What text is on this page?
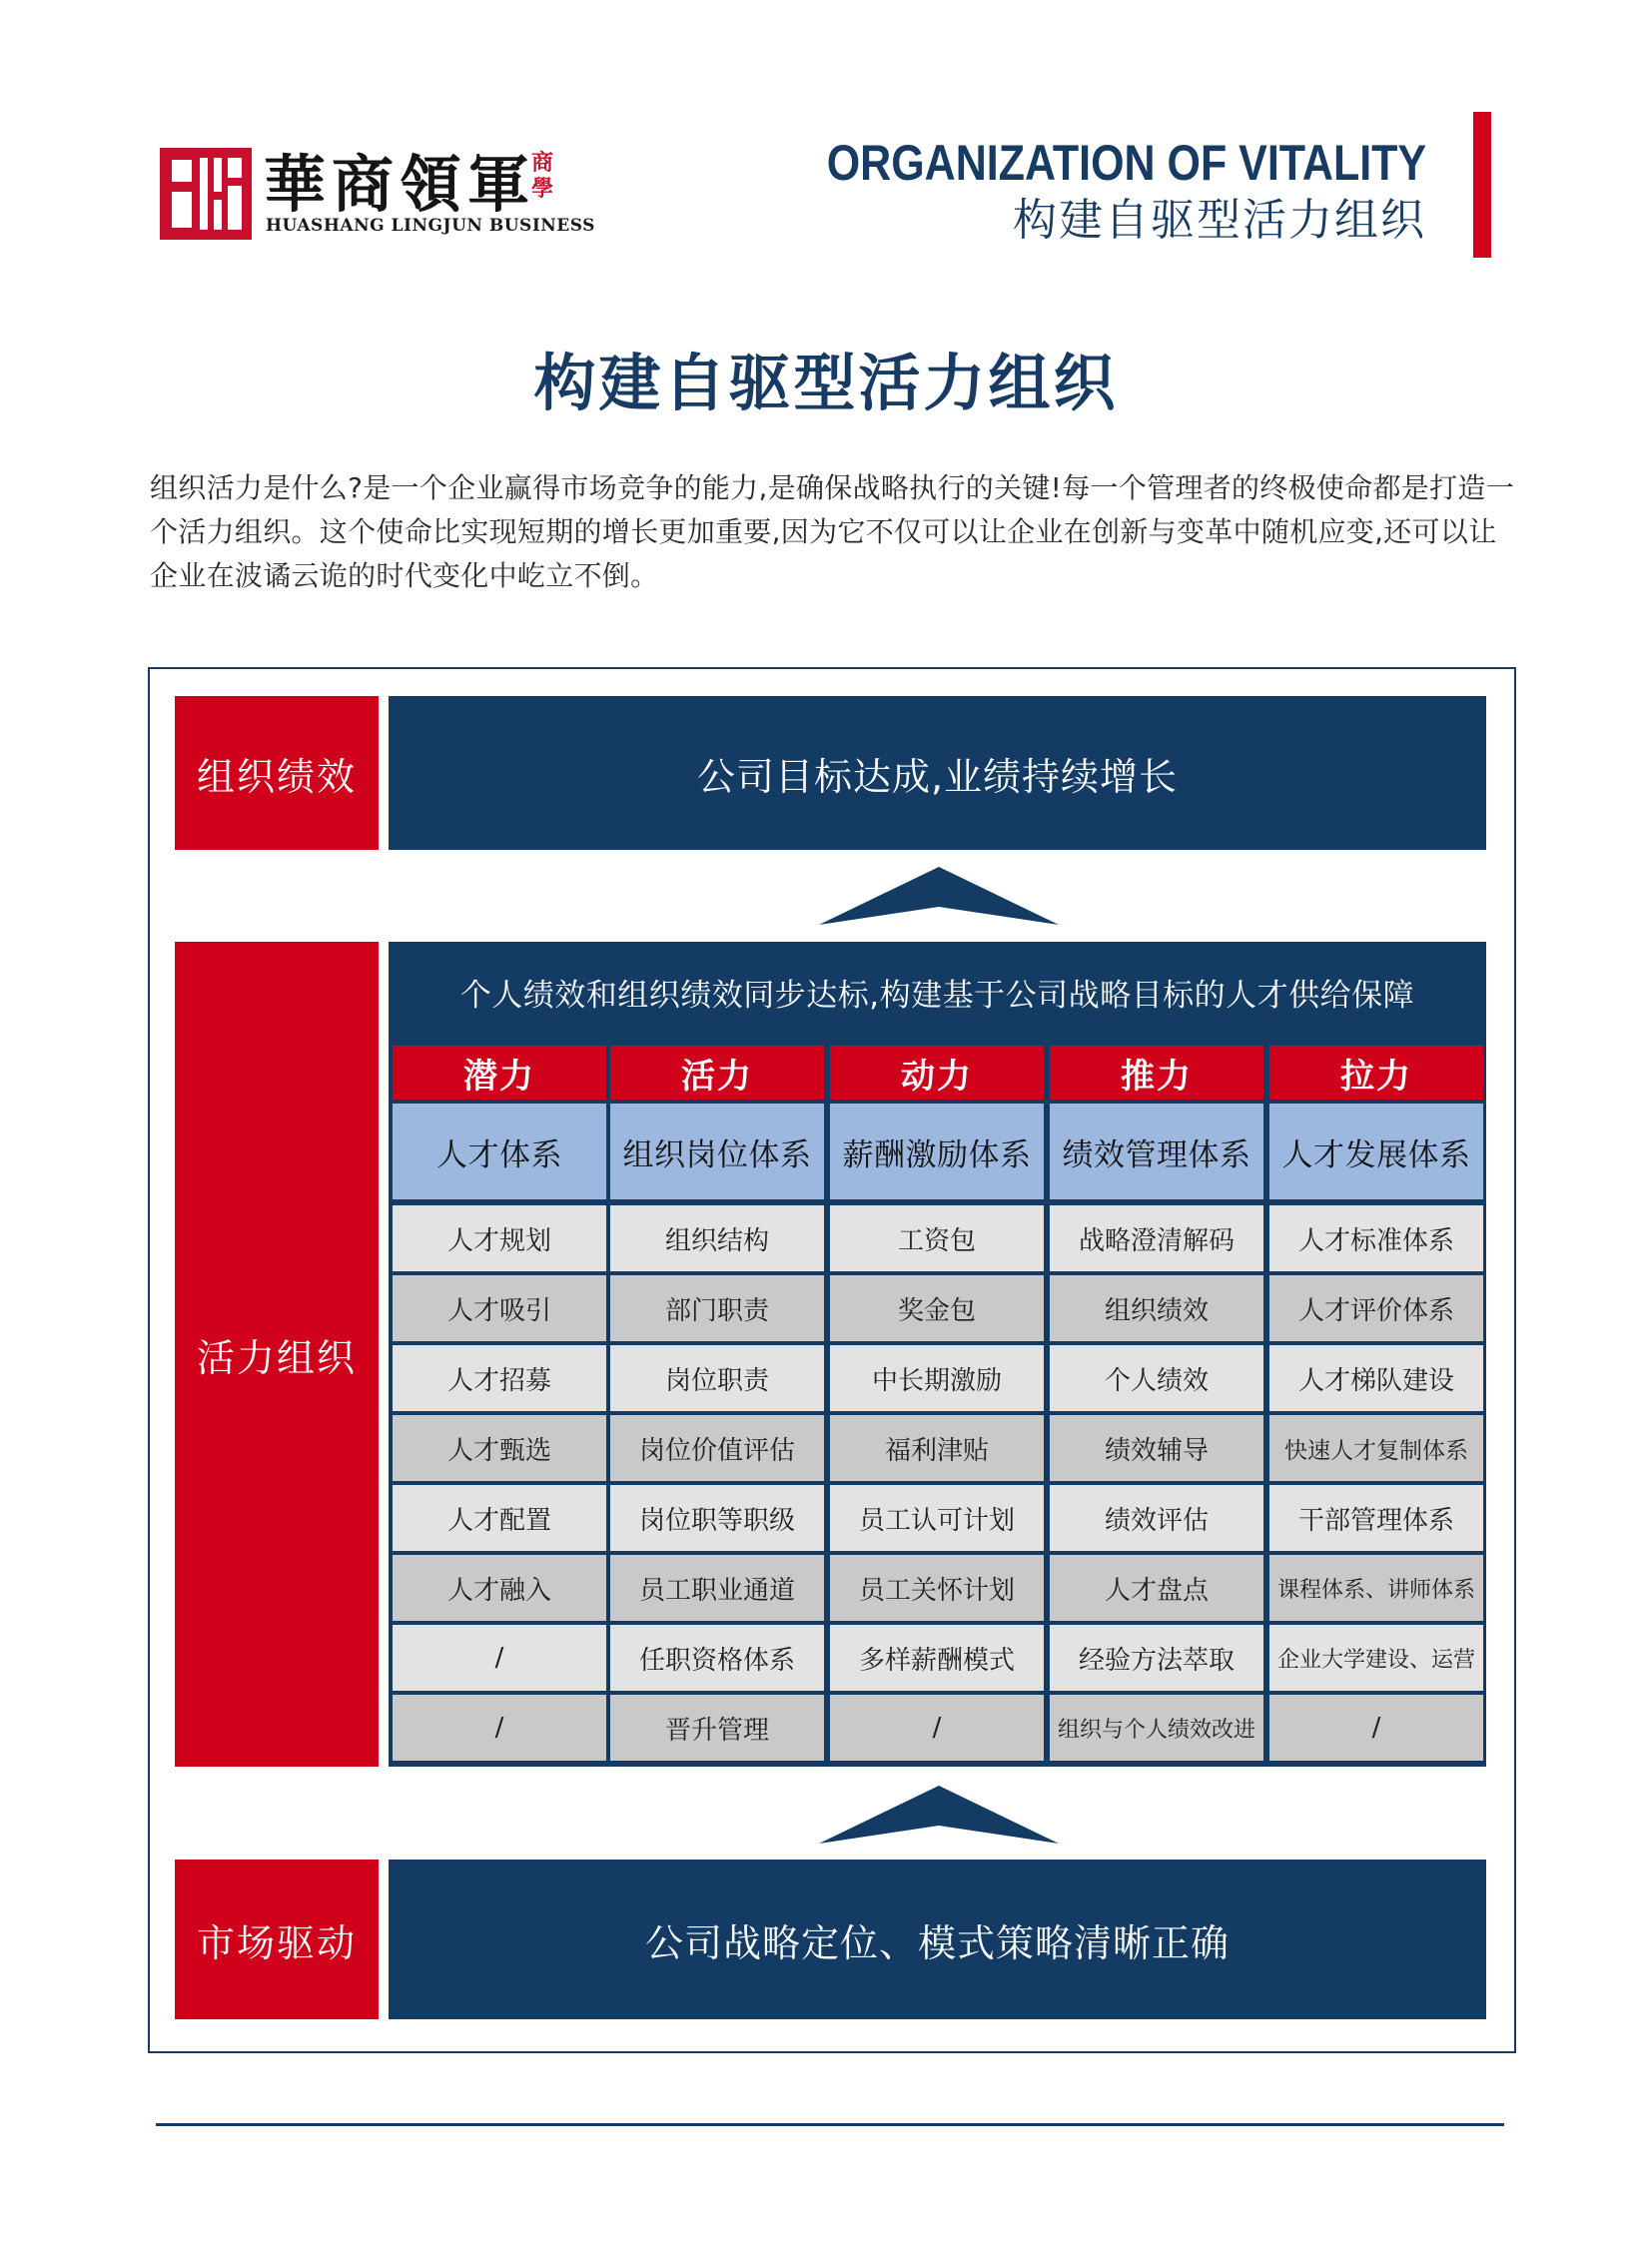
華商領軍
商學
HUASHANG LINGJUN BUSINESS
ORGANIZATION OF VITALITY
构建自驱型活力组织
构建自驱型活力组织

组织活力是什么?是一个企业赢得市场竞争的能力,是确保战略执行的关键!每一个管理者的终极使命都是打造一个活力组织。这个使命比实现短期的增长更加重要,因为它不仅可以让企业在创新与变革中随机应变,还可以让企业在波谲云诡的时代变化中屹立不倒。

组织绩效	公司目标达成,业绩持续增长
活力组织
个人绩效和组织绩效同步达标,构建基于公司战略目标的人才供给保障
潜力
人才体系
人才规划
人才吸引
人才招募
人才甄选
人才配置
人才融入
/
/
活力
组织岗位体系
组织结构
部门职责
岗位职责
岗位价值评估
岗位职等职级
员工职业通道
任职资格体系
晋升管理
动力
薪酬激励体系
工资包
奖金包
中长期激励
福利津贴
员工认可计划
员工关怀计划
多样薪酬模式
/
推力
绩效管理体系
战略澄清解码
组织绩效
个人绩效
绩效辅导
绩效评估
人才盘点
经验方法萃取
组织与个人绩效改进
拉力
人才发展体系
人才标准体系
人才评价体系
人才梯队建设
快速人才复制体系
干部管理体系
课程体系、讲师体系
企业大学建设、运营
/
市场驱动	公司战略定位、模式策略清晰正确
